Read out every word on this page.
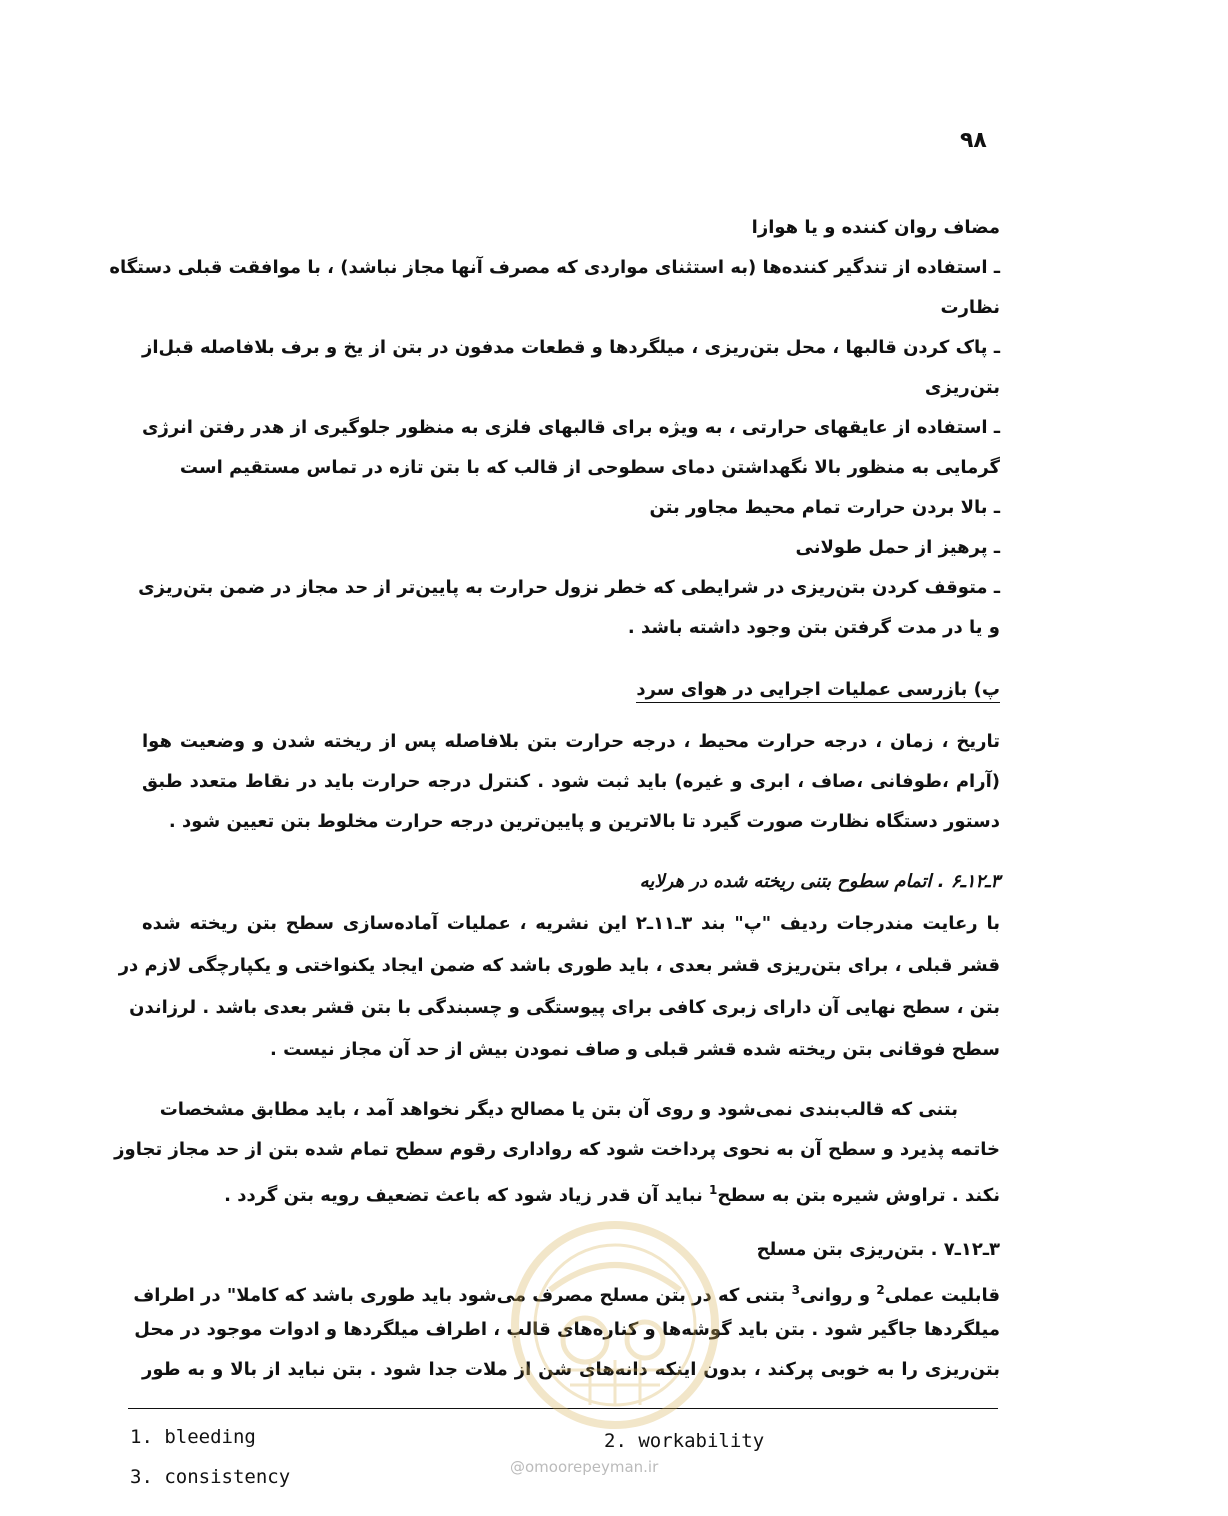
۹۸
مضاف روان کننده و یا هوازا
ـ استفاده از تندگیر کننده‌ها (به استثنای مواردی که مصرف آنها مجاز نباشد) ، با موافقت قبلی دستگاه
نظارت
ـ پاک کردن قالبها ، محل بتن‌ریزی ، میلگردها و قطعات مدفون در بتن از یخ و برف بلافاصله قبل‌از
بتن‌ریزی
ـ استفاده از عایقهای حرارتی ، به ویژه برای قالبهای فلزی به منظور جلوگیری از هدر رفتن انرژی
گرمایی به منظور بالا نگهداشتن دمای سطوحی از قالب که با بتن تازه در تماس مستقیم است
ـ بالا بردن حرارت تمام محیط مجاور بتن
ـ پرهیز از حمل طولانی
ـ متوقف کردن بتن‌ریزی در شرایطی که خطر نزول حرارت به پایین‌تر از حد مجاز در ضمن بتن‌ریزی
و یا در مدت گرفتن بتن وجود داشته باشد .
پ) بازرسی عملیات اجرایی در هوای سرد
تاریخ ، زمان ، درجه حرارت محیط ، درجه حرارت بتن بلافاصله پس از ریخته شدن و وضعیت هوا
(آرام ،طوفانی ،صاف ، ابری و غیره) باید ثبت شود . کنترل درجه حرارت باید در نقاط متعدد طبق
دستور دستگاه نظارت صورت گیرد تا بالاترین و پایین‌ترین درجه حرارت مخلوط بتن تعیین شود .
۳ـ۱۲ـ۶ . اتمام سطوح بتنی ریخته شده در هرلایه
با رعایت مندرجات ردیف "پ" بند ۳ـ۱۱ـ۲ این نشریه ، عملیات آماده‌سازی سطح بتن ریخته شده
قشر قبلی ، برای بتن‌ریزی قشر بعدی ، باید طوری باشد که ضمن ایجاد یکنواختی و یکپارچگی لازم در
بتن ، سطح نهایی آن دارای زبری کافی برای پیوستگی و چسبندگی با بتن قشر بعدی باشد . لرزاندن
سطح فوقانی بتن ریخته شده قشر قبلی و صاف نمودن بیش از حد آن مجاز نیست .
بتنی که قالب‌بندی نمی‌شود و روی آن بتن یا مصالح دیگر نخواهد آمد ، باید مطابق مشخصات
خاتمه پذیرد و سطح آن به نحوی پرداخت شود که رواداری رقوم سطح تمام شده بتن از حد مجاز تجاوز
نکند . تراوش شیره بتن به سطح$^1$ نباید آن قدر زیاد شود که باعث تضعیف رویه بتن گردد .
۳ـ۱۲ـ۷ . بتن‌ریزی بتن مسلح
قابلیت عملی$^2$ و روانی$^3$ بتنی که در بتن مسلح مصرف می‌شود باید طوری باشد که کاملا" در اطراف
میلگردها جاگیر شود . بتن باید گوشه‌ها و کناره‌های قالب ، اطراف میلگردها و ادوات موجود در محل
بتن‌ریزی را به خوبی پرکند ، بدون اینکه دانه‌های شن از ملات جدا شود . بتن نباید از بالا و به طور
1. bleeding	2. workability
3. consistency	@omoorepeyman.ir
